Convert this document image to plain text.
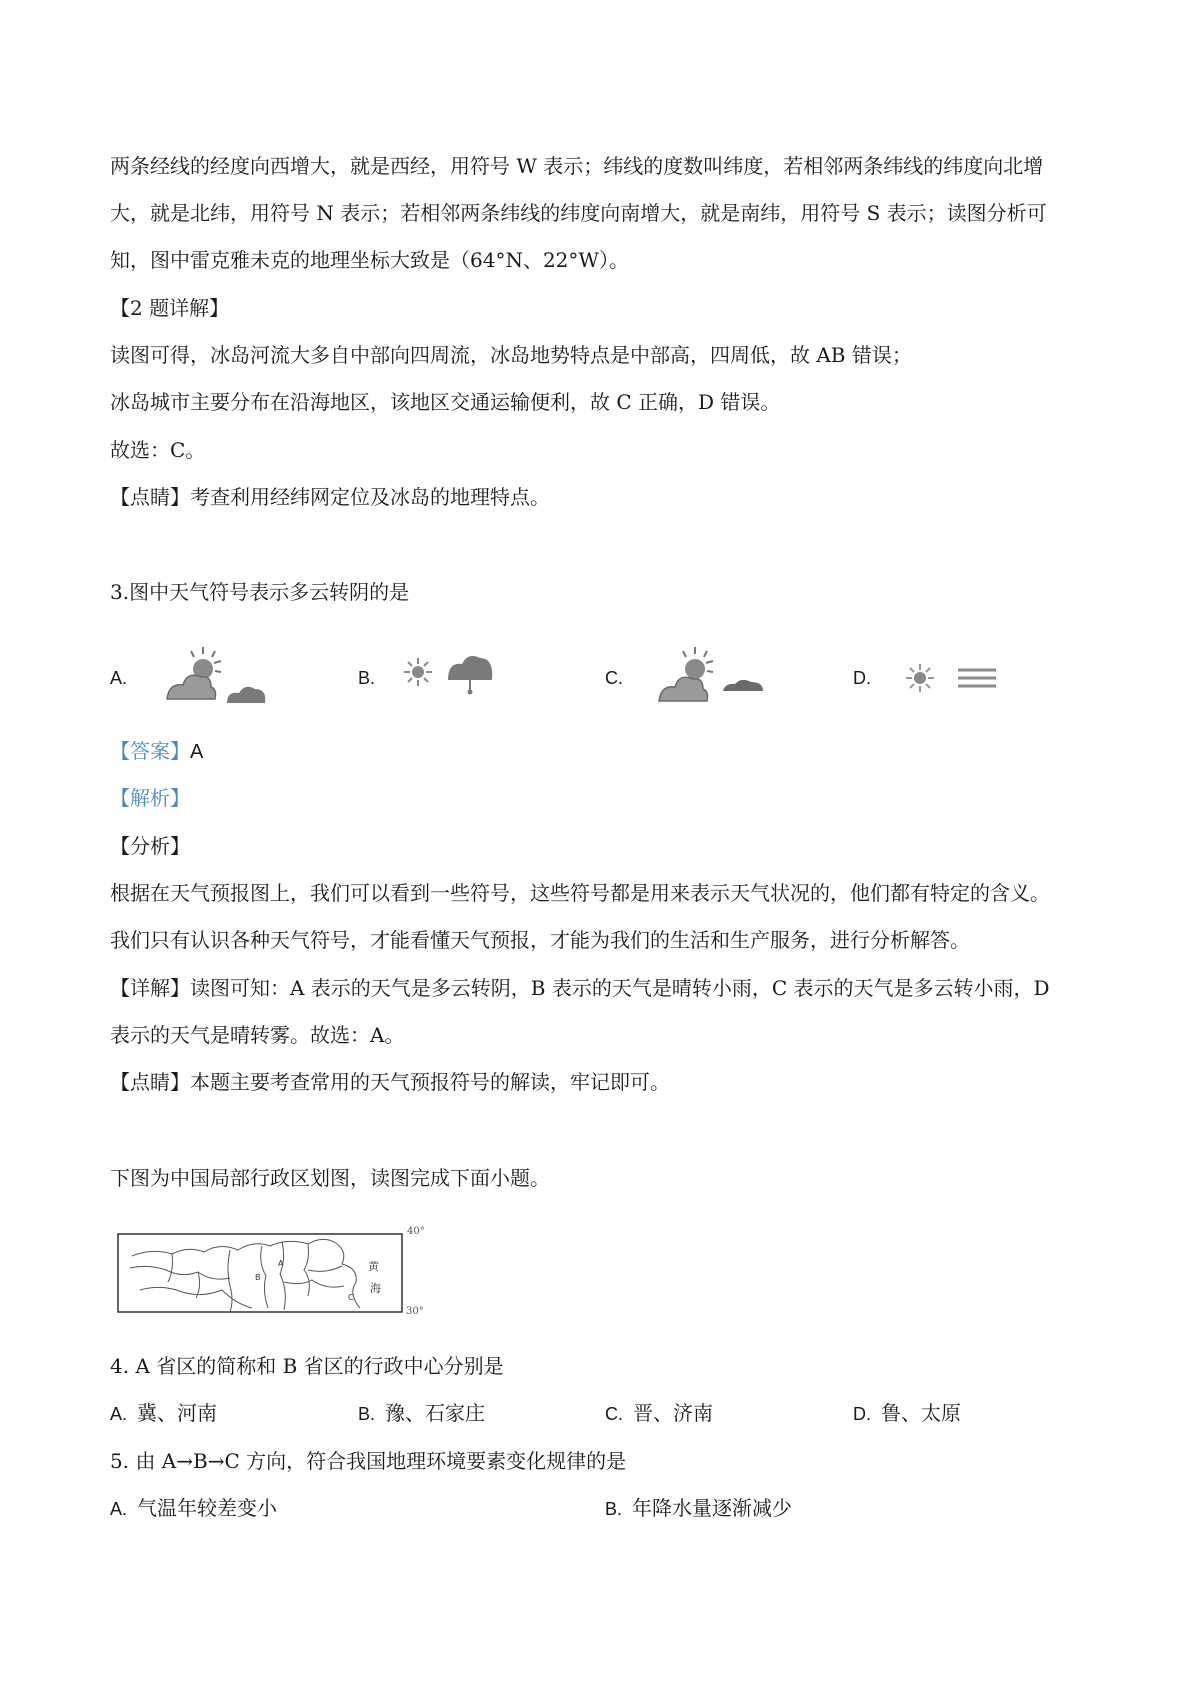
两条经线的经度向西增大，就是西经，用符号 W 表示；纬线的度数叫纬度，若相邻两条纬线的纬度向北增
大，就是北纬，用符号 N 表示；若相邻两条纬线的纬度向南增大，就是南纬，用符号 S 表示；读图分析可
知，图中雷克雅未克的地理坐标大致是（64°N、22°W）。
【2 题详解】
读图可得，冰岛河流大多自中部向四周流，冰岛地势特点是中部高，四周低，故 AB 错误；
冰岛城市主要分布在沿海地区，该地区交通运输便利，故 C 正确，D 错误。
故选：C。
【点睛】考查利用经纬网定位及冰岛的地理特点。
3.图中天气符号表示多云转阴的是
A.	B.	C.	D.
【答案】A
【解析】
【分析】
根据在天气预报图上，我们可以看到一些符号，这些符号都是用来表示天气状况的，他们都有特定的含义。
我们只有认识各种天气符号，才能看懂天气预报，才能为我们的生活和生产服务，进行分析解答。
【详解】读图可知：A 表示的天气是多云转阴，B 表示的天气是晴转小雨，C 表示的天气是多云转小雨，D
表示的天气是晴转雾。故选：A。
【点睛】本题主要考查常用的天气预报符号的解读，牢记即可。
下图为中国局部行政区划图，读图完成下面小题。
40°
30°
A
B
C
黄
海
4. A 省区的简称和 B 省区的行政中心分别是
A. 冀、河南	B. 豫、石家庄	C. 晋、济南	D. 鲁、太原
5. 由 A→B→C 方向，符合我国地理环境要素变化规律的是
A. 气温年较差变小	B. 年降水量逐渐减少
